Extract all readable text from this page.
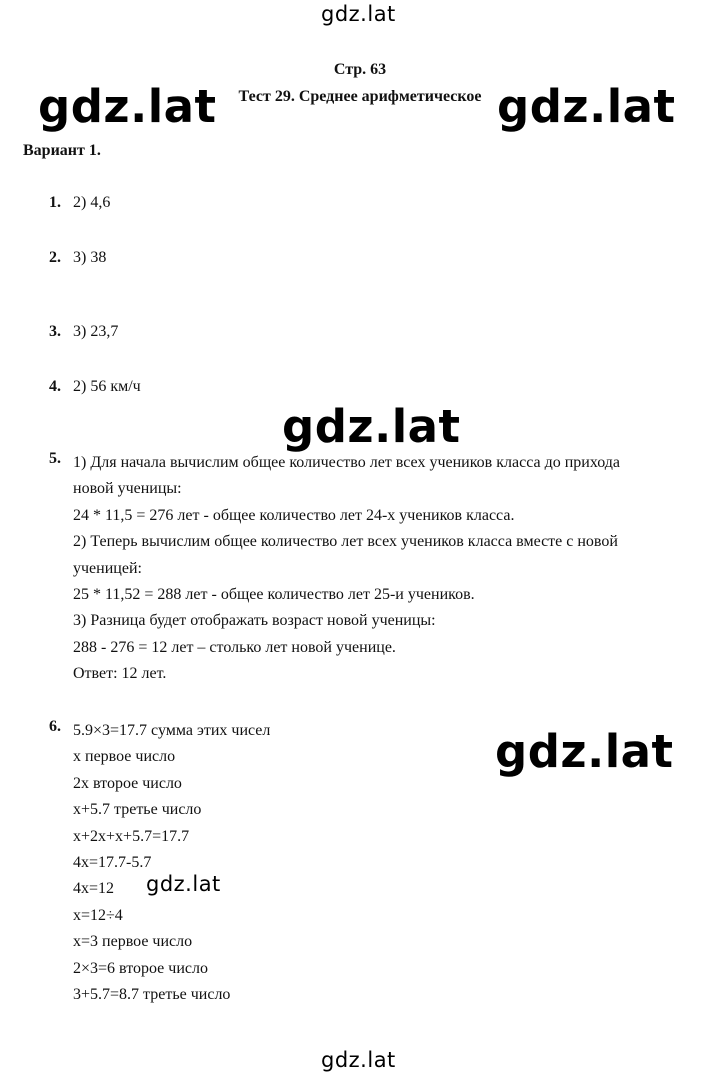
gdz.lat
gdz.lat	gdz.lat
gdz.lat
gdz.lat
gdz.lat
gdz.lat
Стр. 63
Тест 29. Среднее арифметическое
Вариант 1.
1. 2) 4,6
2. 3) 38
3. 3) 23,7
4. 2) 56 км/ч
5. 1) Для начала вычислим общее количество лет всех учеников класса до прихода
новой ученицы:
24 * 11,5 = 276 лет - общее количество лет 24-х учеников класса.
2) Теперь вычислим общее количество лет всех учеников класса вместе с новой
ученицей:
25 * 11,52 = 288 лет - общее количество лет 25-и учеников.
3) Разница будет отображать возраст новой ученицы:
288 - 276 = 12 лет – столько лет новой ученице.
Ответ: 12 лет.
6. 5.9×3=17.7 сумма этих чисел
x первое число
2x второе число
x+5.7 третье число
x+2x+x+5.7=17.7
4x=17.7-5.7
4x=12
x=12÷4
x=3 первое число
2×3=6 второе число
3+5.7=8.7 третье число
